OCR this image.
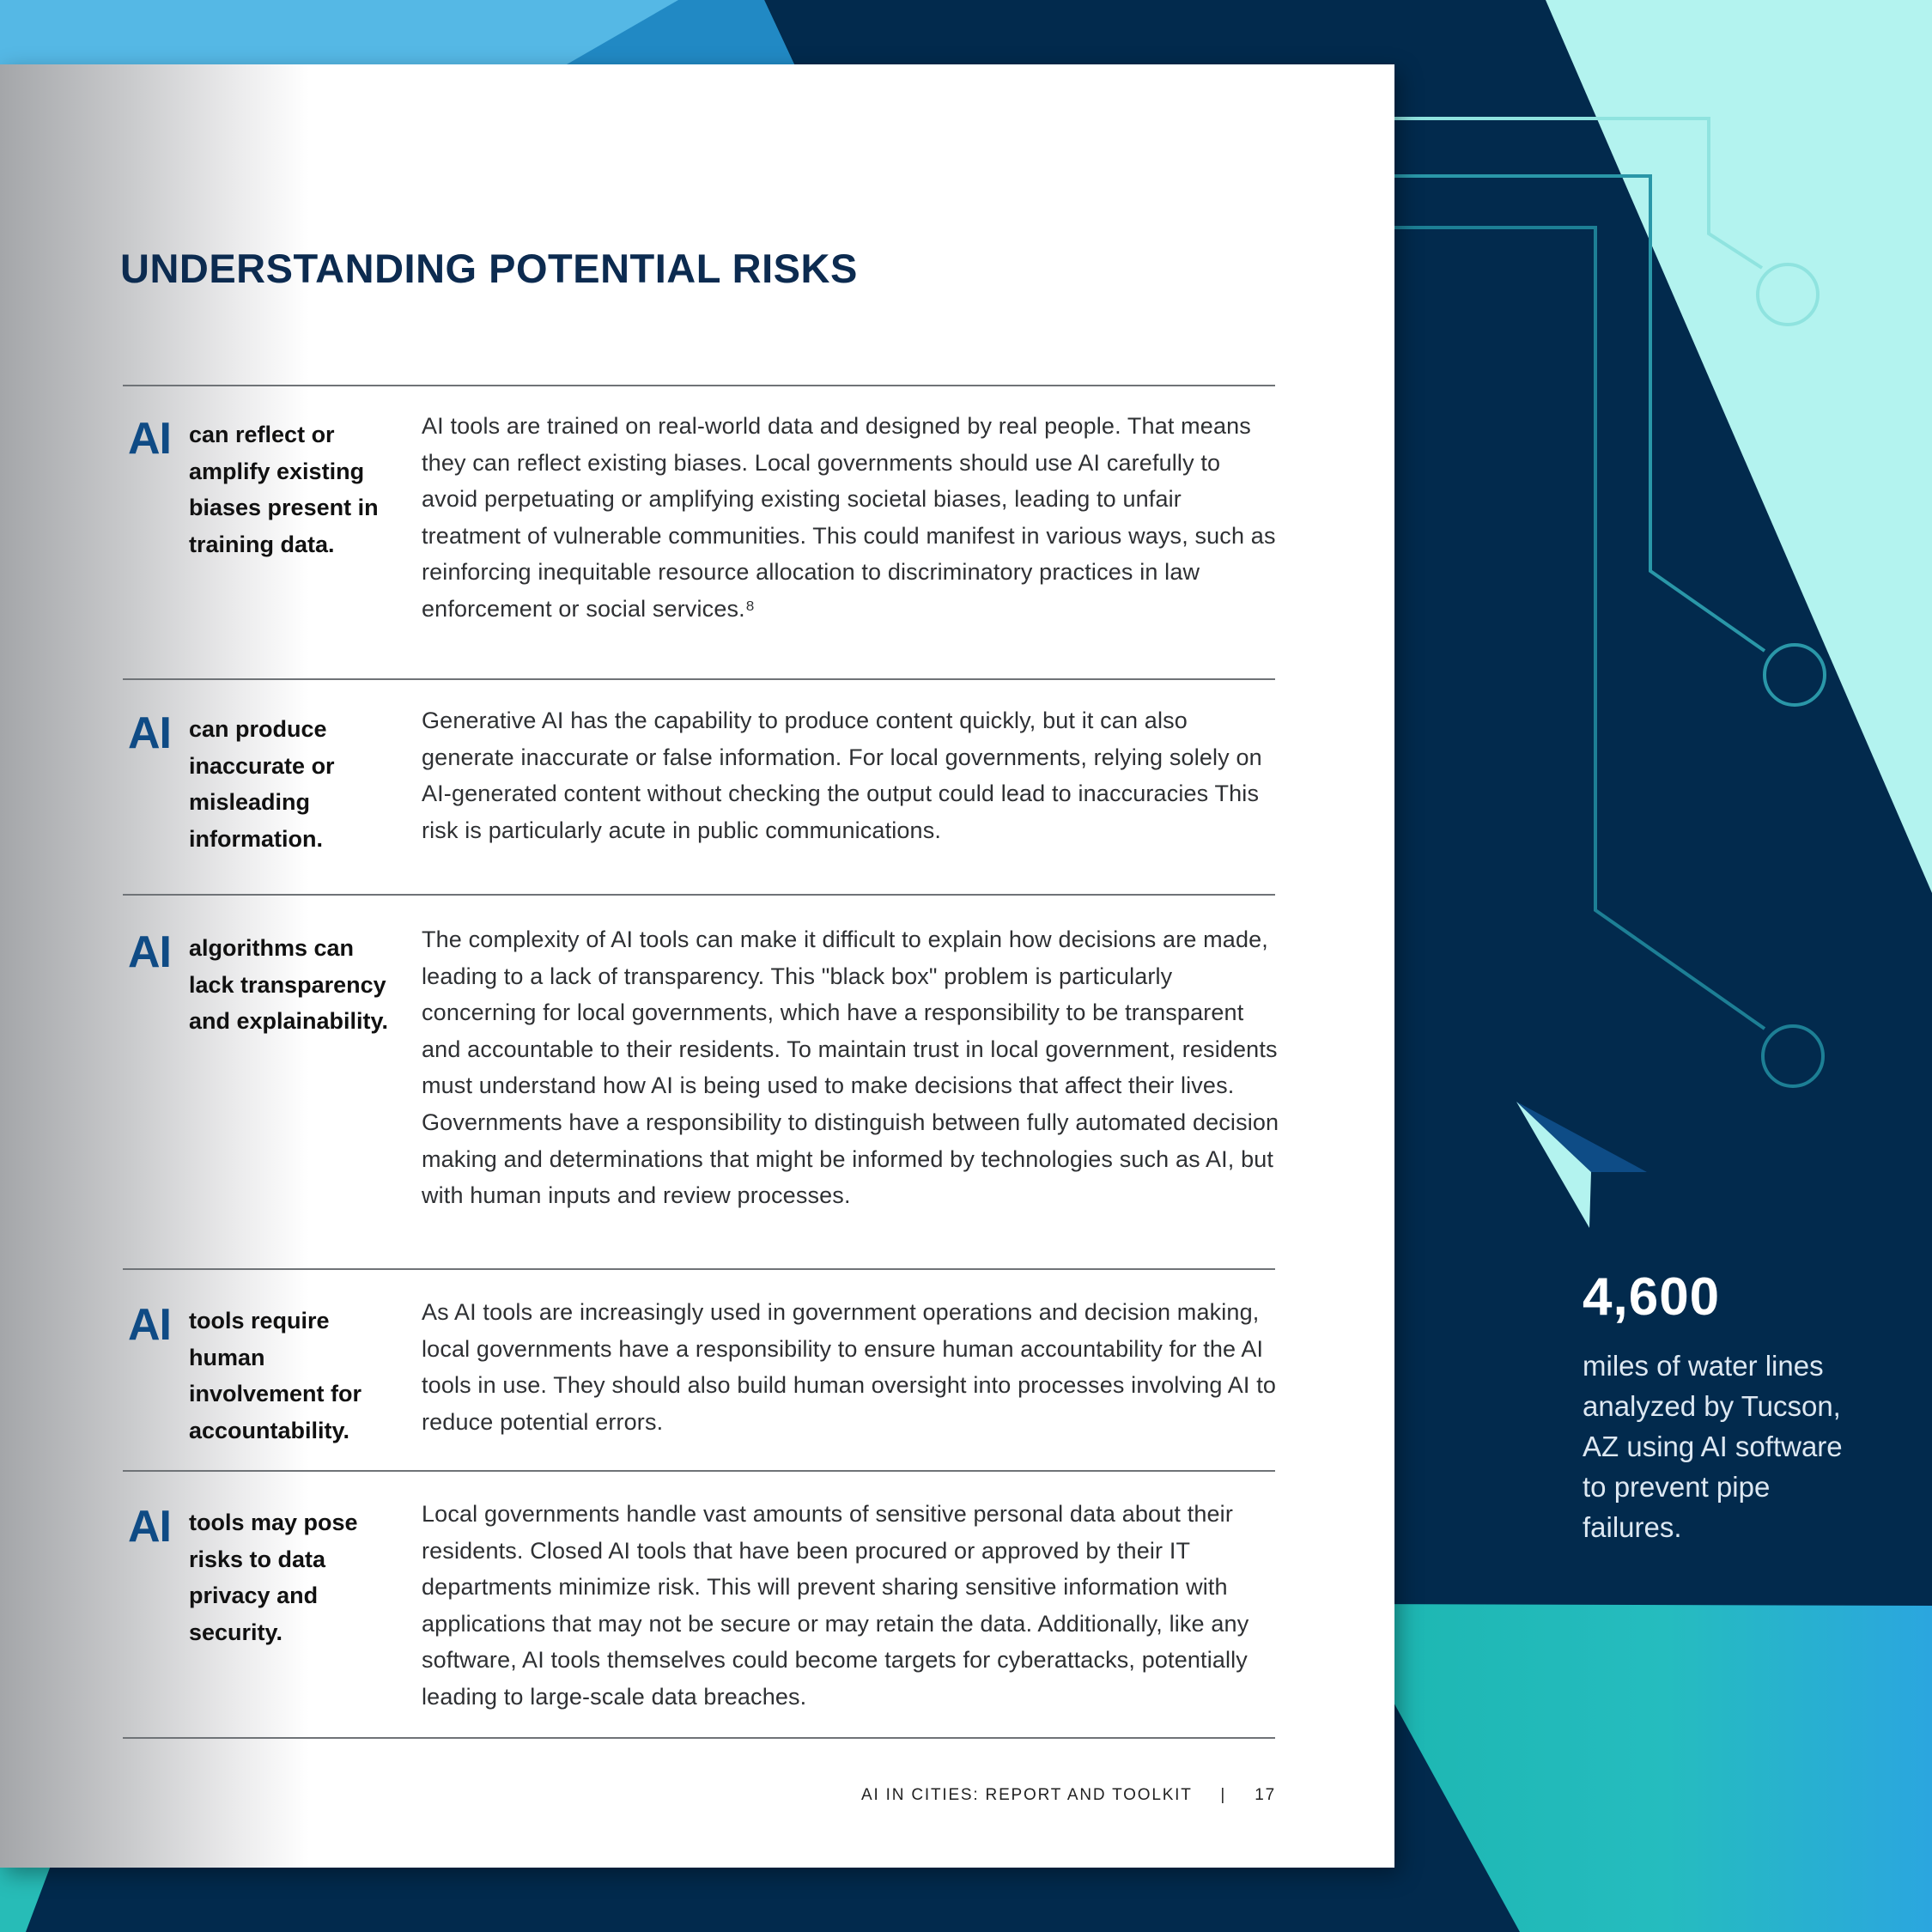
UNDERSTANDING POTENTIAL RISKS
AI can reflect or amplify existing biases present in training data.

AI tools are trained on real-world data and designed by real people. That means they can reflect existing biases. Local governments should use AI carefully to avoid perpetuating or amplifying existing societal biases, leading to unfair treatment of vulnerable communities. This could manifest in various ways, such as reinforcing inequitable resource allocation to discriminatory practices in law enforcement or social services.⁸

AI can produce inaccurate or misleading information.

Generative AI has the capability to produce content quickly, but it can also generate inaccurate or false information. For local governments, relying solely on AI-generated content without checking the output could lead to inaccuracies This risk is particularly acute in public communications.

AI algorithms can lack transparency and explainability.

The complexity of AI tools can make it difficult to explain how decisions are made, leading to a lack of transparency. This "black box" problem is particularly concerning for local governments, which have a responsibility to be transparent and accountable to their residents. To maintain trust in local government, residents must understand how AI is being used to make decisions that affect their lives. Governments have a responsibility to distinguish between fully automated decision making and determinations that might be informed by technologies such as AI, but with human inputs and review processes.

AI tools require human involvement for accountability.

As AI tools are increasingly used in government operations and decision making, local governments have a responsibility to ensure human accountability for the AI tools in use. They should also build human oversight into processes involving AI to reduce potential errors.

AI tools may pose risks to data privacy and security.

Local governments handle vast amounts of sensitive personal data about their residents. Closed AI tools that have been procured or approved by their IT departments minimize risk. This will prevent sharing sensitive information with applications that may not be secure or may retain the data. Additionally, like any software, AI tools themselves could become targets for cyberattacks, potentially leading to large-scale data breaches.

AI IN CITIES: REPORT AND TOOLKIT | 17
4,600

miles of water lines analyzed by Tucson, AZ using AI software to prevent pipe failures.
